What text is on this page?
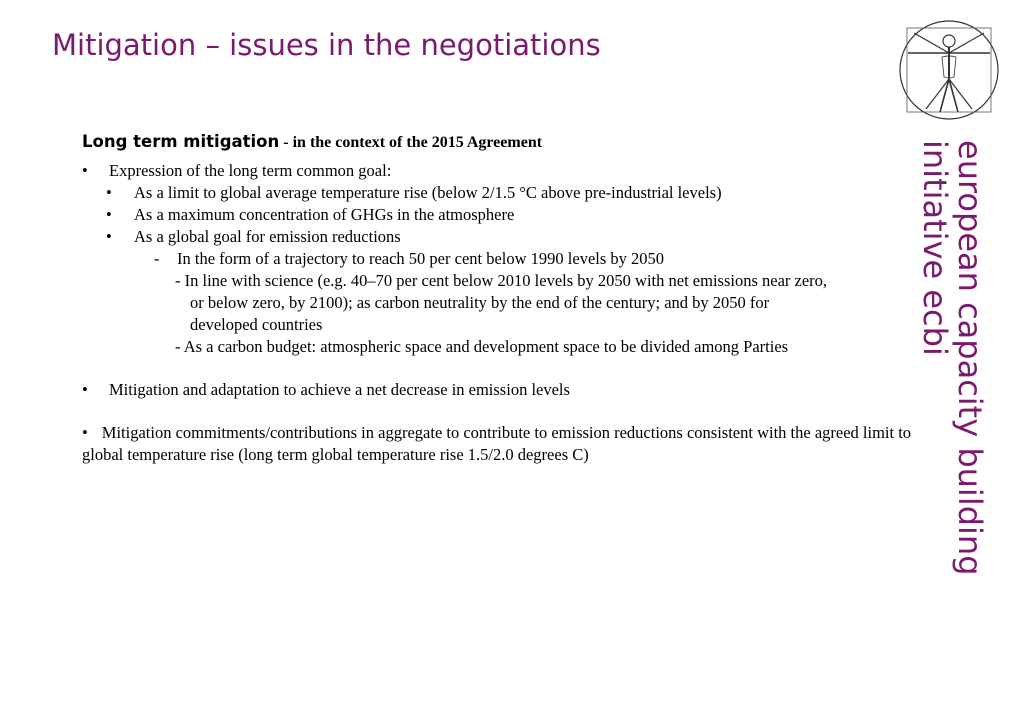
Mitigation – issues in the negotiations
european capacity building
initiative ecbi
Long term mitigation - in the context of the 2015 Agreement
• Expression of the long term common goal:
• As a limit to global average temperature rise (below 2/1.5 °C above pre-industrial levels)
• As a maximum concentration of GHGs in the atmosphere
• As a global goal for emission reductions
- In the form of a trajectory to reach 50 per cent below 1990 levels by 2050
- In line with science (e.g. 40–70 per cent below 2010 levels by 2050 with net emissions near zero,
or below zero, by 2100); as carbon neutrality by the end of the century; and by 2050 for
developed countries
- As a carbon budget: atmospheric space and development space to be divided among Parties
• Mitigation and adaptation to achieve a net decrease in emission levels
• Mitigation commitments/contributions in aggregate to contribute to emission reductions consistent with the agreed limit to global temperature rise (long term global temperature rise 1.5/2.0 degrees C)
